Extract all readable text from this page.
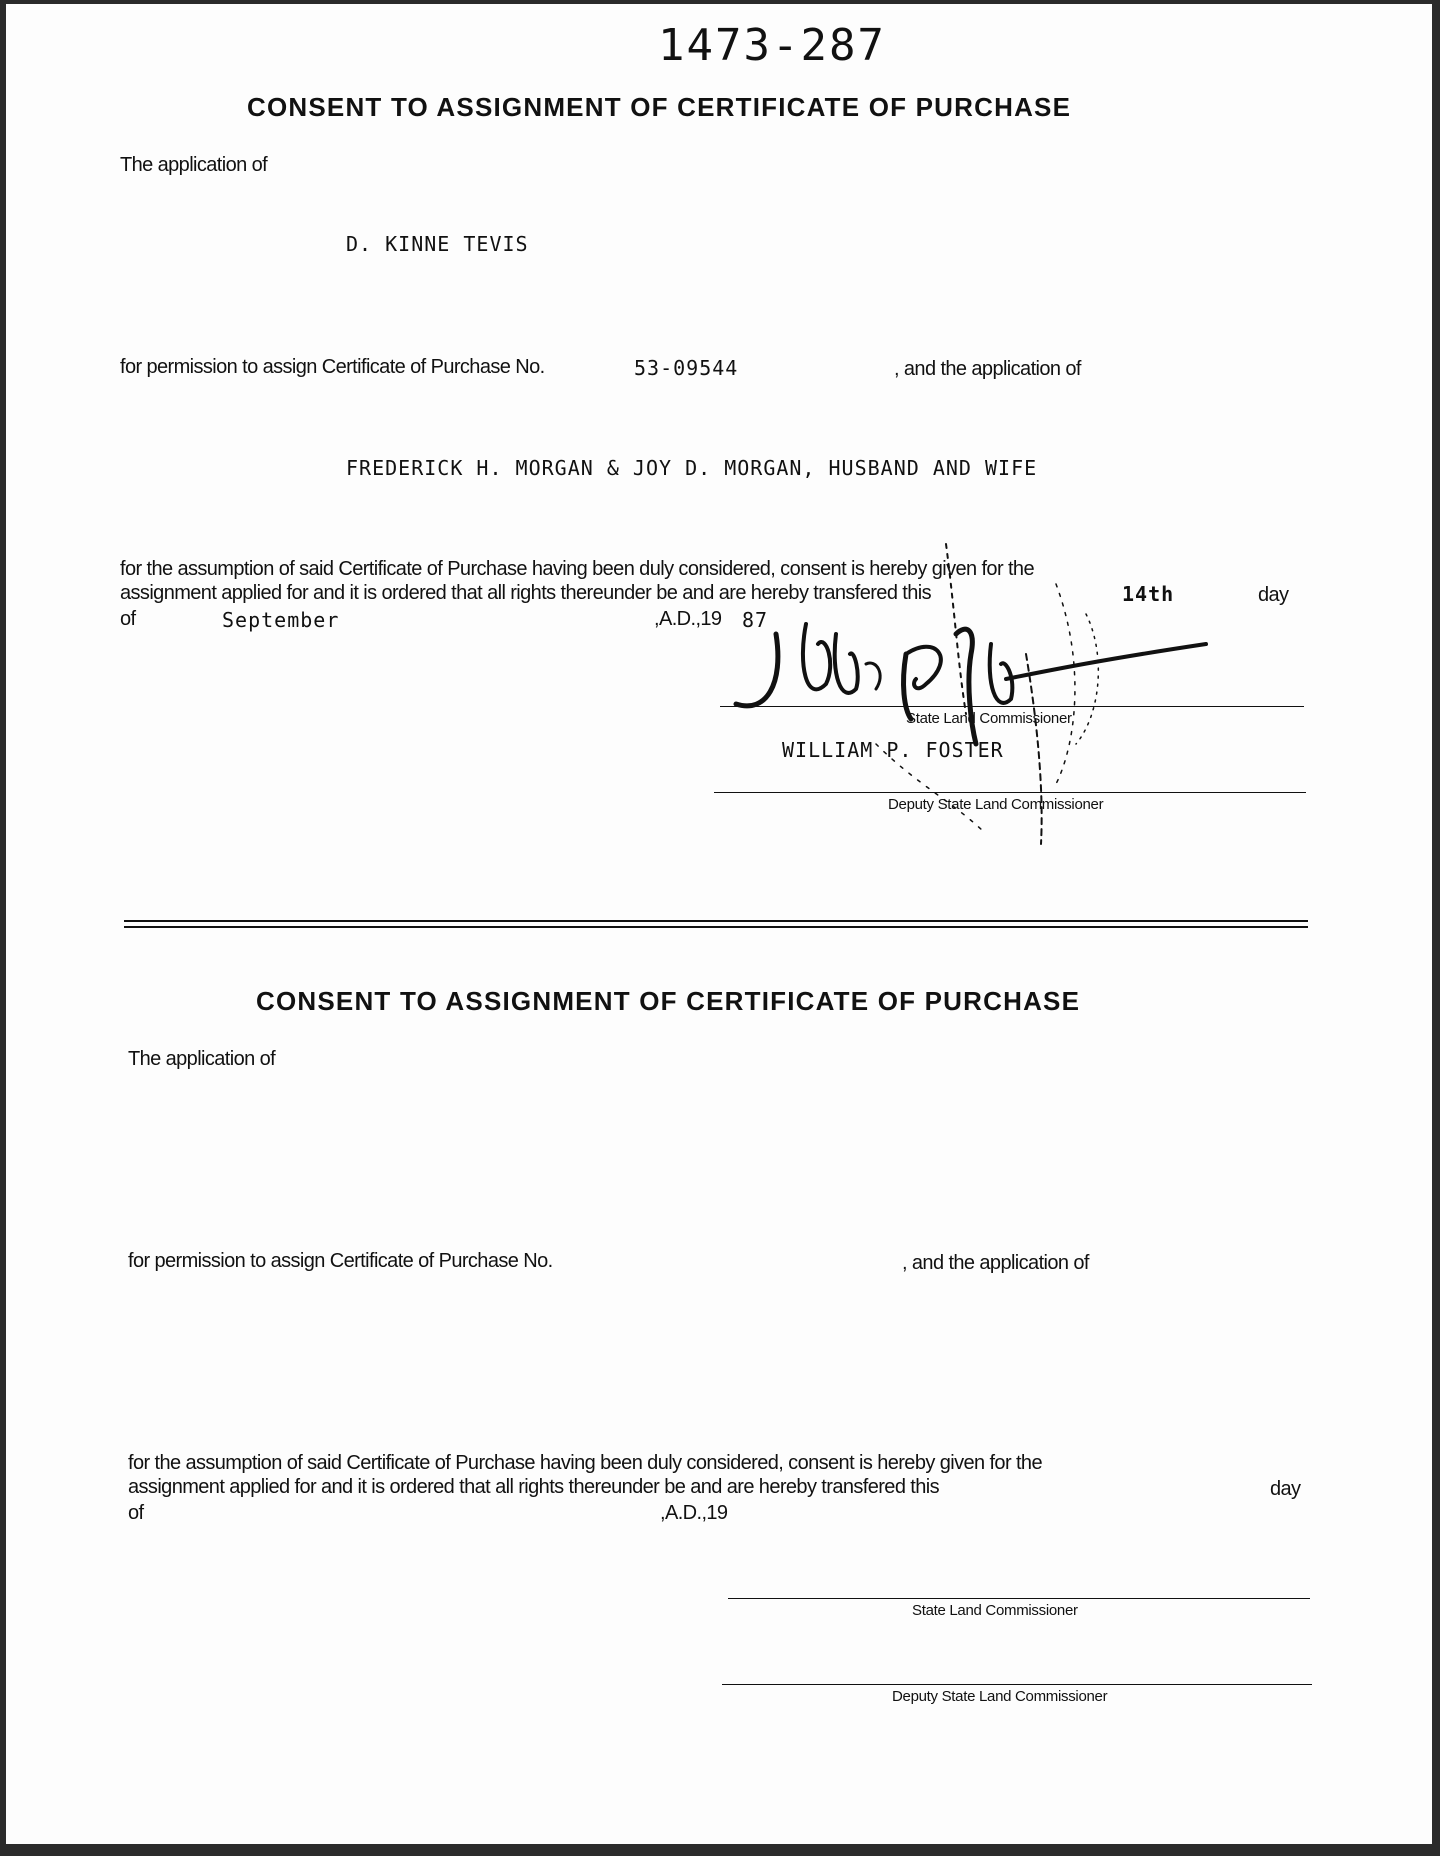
1473-287
CONSENT TO ASSIGNMENT OF CERTIFICATE OF PURCHASE
The application of
D. KINNE TEVIS
for permission to assign Certificate of Purchase No.	53-09544	, and the application of
FREDERICK H. MORGAN & JOY D. MORGAN, HUSBAND AND WIFE
for the assumption of said Certificate of Purchase having been duly considered, consent is hereby given for the
assignment applied for and it is ordered that all rights thereunder be and are hereby transfered this	14th	day
of	September	,A.D.,19 87
State Land Commissioner
WILLIAM P. FOSTER
Deputy State Land Commissioner
CONSENT TO ASSIGNMENT OF CERTIFICATE OF PURCHASE
The application of
for permission to assign Certificate of Purchase No.	, and the application of
for the assumption of said Certificate of Purchase having been duly considered, consent is hereby given for the
assignment applied for and it is ordered that all rights thereunder be and are hereby transfered this	day
of	,A.D.,19
State Land Commissioner
Deputy State Land Commissioner
